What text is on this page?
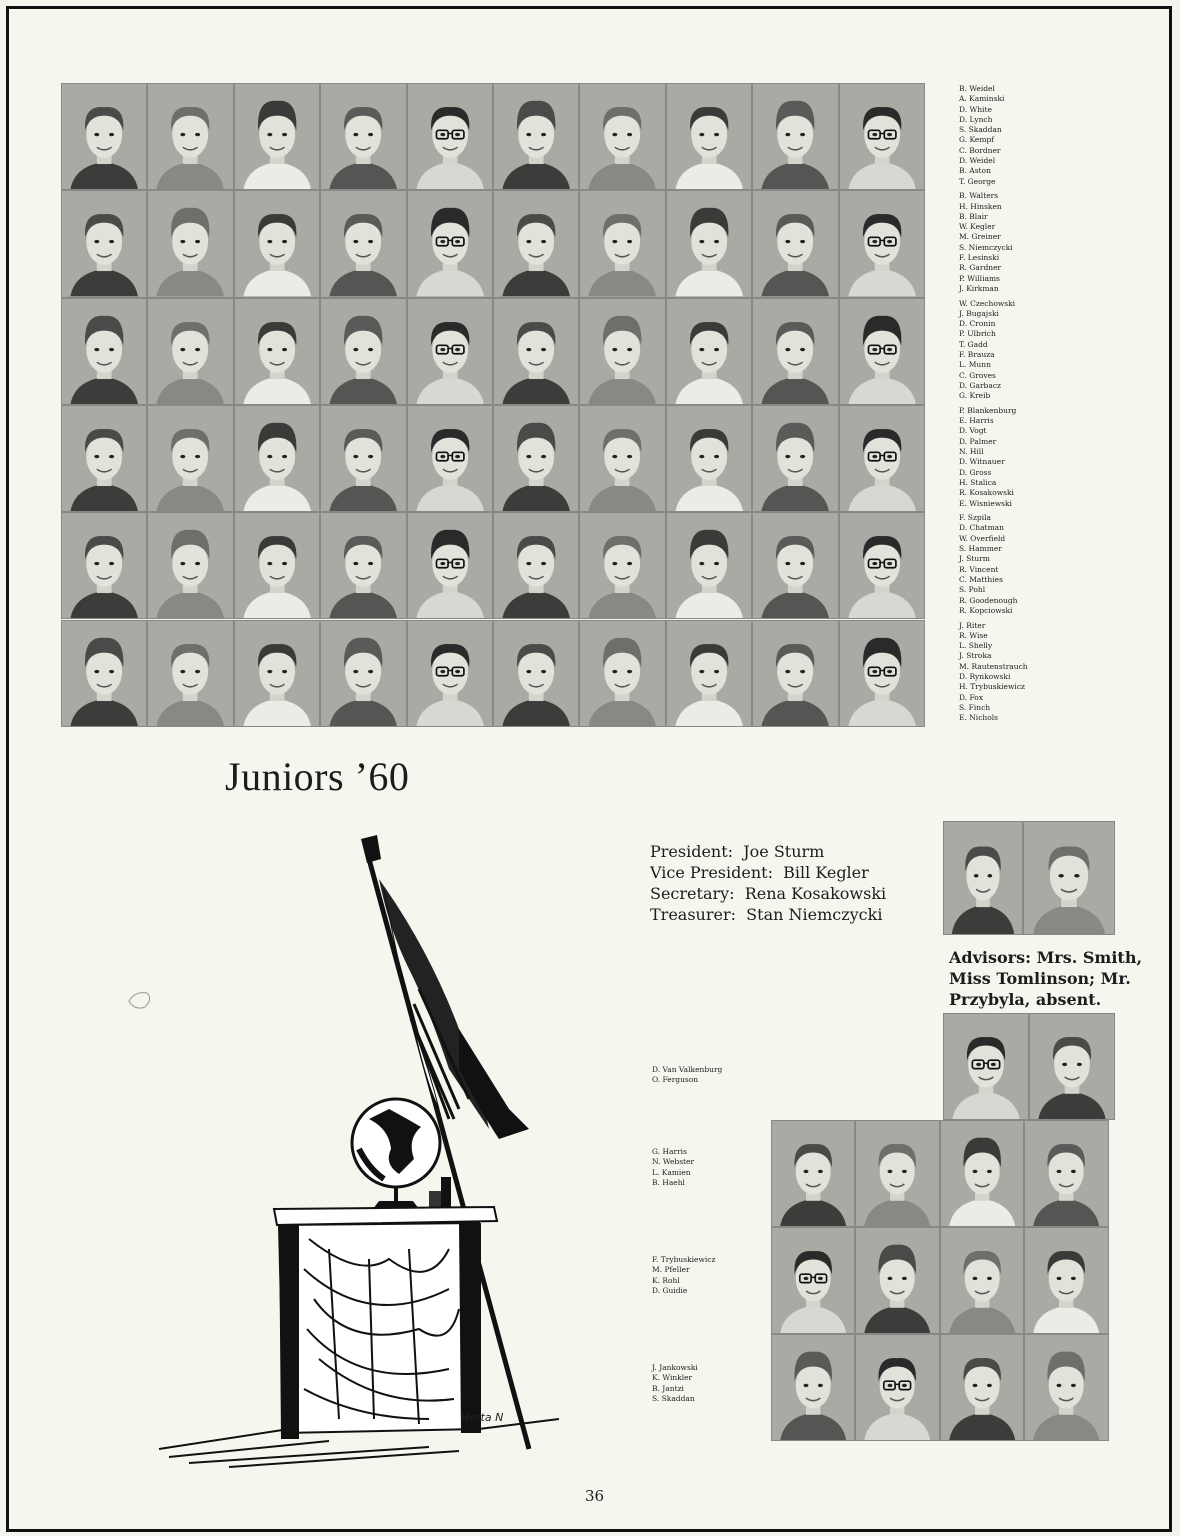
B. Weidel
A. Kaminski
D. White
D. Lynch
S. Skaddan
G. Kempf
C. Bordner
D. Weidel
B. Aston
T. George
B. Walters
H. Hinsken
B. Blair
W. Kegler
M. Greiner
S. Niemczycki
F. Lesinski
R. Gardner
P. Williams
J. Kirkman
W. Czechowski
J. Bugajski
D. Cronin
P. Ulbrich
T. Gadd
F. Brauza
L. Munn
C. Groves
D. Garbacz
G. Kreib
P. Blankenburg
E. Harris
D. Vogt
D. Palmer
N. Hill
D. Witnauer
D. Gross
H. Stalica
R. Kosakowski
E. Wisniewski
F. Szpila
D. Chatman
W. Overfield
S. Hammer
J. Sturm
R. Vincent
C. Matthies
S. Pohl
R. Goodenough
R. Kopciowski
J. Riter
R. Wise
L. Shelly
J. Stroka
M. Rautenstrauch
D. Rynkowski
H. Trybuskiewicz
D. Fox
S. Finch
E. Nichols
Juniors ’60
Herta N
President: Joe Sturm
Vice President: Bill Kegler
Secretary: Rena Kosakowski
Treasurer: Stan Niemczycki
Advisors: Mrs. Smith,
Miss Tomlinson; Mr.
Przybyla, absent.
D. Van Valkenburg
O. Ferguson
G. Harris
N. Webster
L. Kamien
B. Haehl
F. Trybuskiewicz
M. Pfeller
K. Rohl
D. Guidie
J. Jankowski
K. Winkler
B. Jantzi
S. Skaddan
36
